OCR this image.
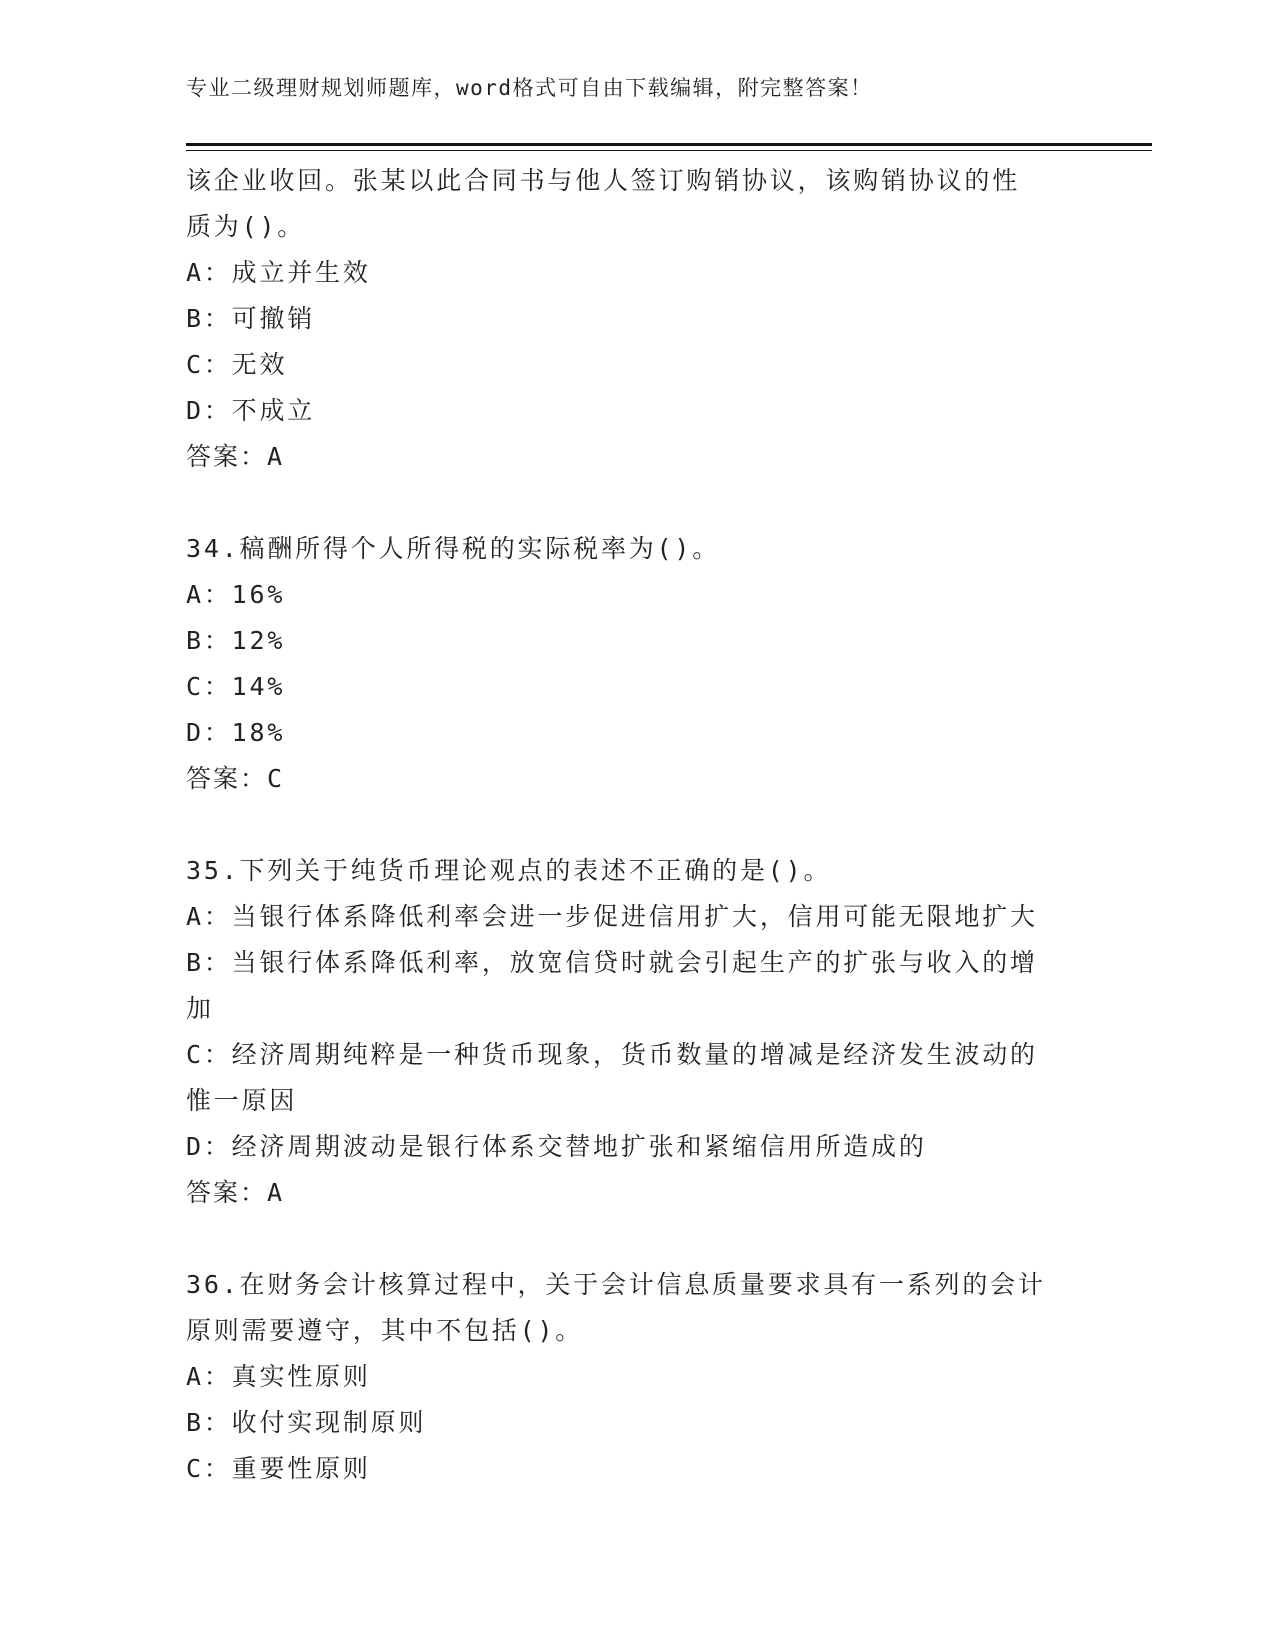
专业二级理财规划师题库，word格式可自由下载编辑，附完整答案！
该企业收回。张某以此合同书与他人签订购销协议，该购销协议的性
质为()。
A：成立并生效
B：可撤销
C：无效
D：不成立
答案：A
34.稿酬所得个人所得税的实际税率为()。
A：16%
B：12%
C：14%
D：18%
答案：C
35.下列关于纯货币理论观点的表述不正确的是()。
A：当银行体系降低利率会进一步促进信用扩大，信用可能无限地扩大
B：当银行体系降低利率，放宽信贷时就会引起生产的扩张与收入的增
加
C：经济周期纯粹是一种货币现象，货币数量的增减是经济发生波动的
惟一原因
D：经济周期波动是银行体系交替地扩张和紧缩信用所造成的
答案：A
36.在财务会计核算过程中，关于会计信息质量要求具有一系列的会计
原则需要遵守，其中不包括()。
A：真实性原则
B：收付实现制原则
C：重要性原则
